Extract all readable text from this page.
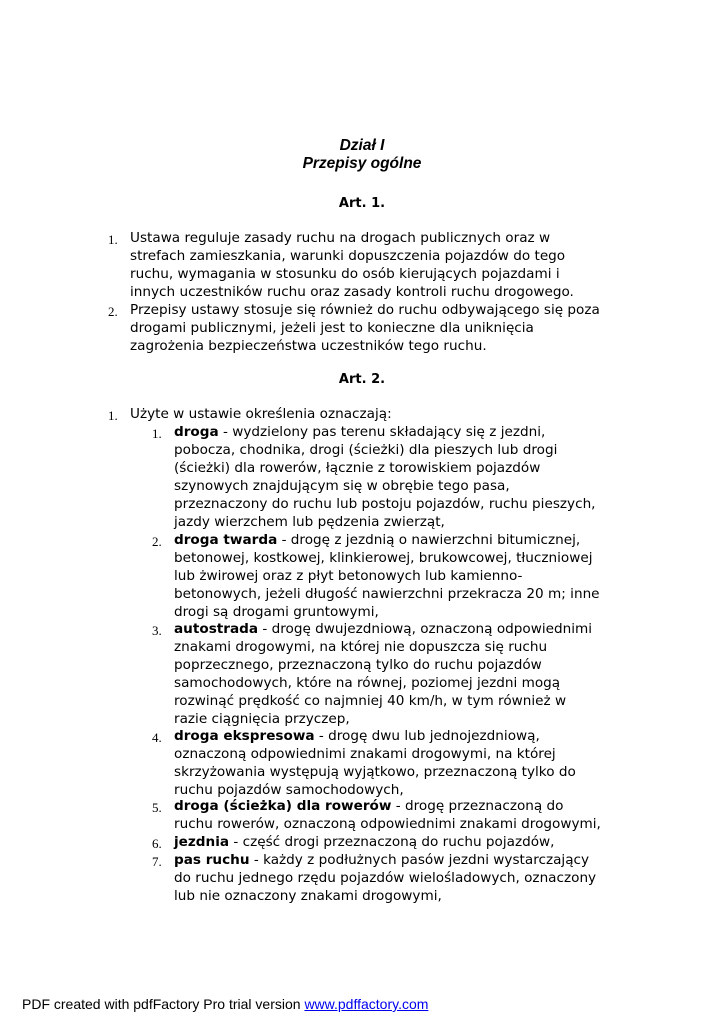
Dział I
Przepisy ogólne
Art. 1.
1. Ustawa reguluje zasady ruchu na drogach publicznych oraz w
strefach zamieszkania, warunki dopuszczenia pojazdów do tego
ruchu, wymagania w stosunku do osób kierujących pojazdami i
innych uczestników ruchu oraz zasady kontroli ruchu drogowego.
2. Przepisy ustawy stosuje się również do ruchu odbywającego się poza
drogami publicznymi, jeżeli jest to konieczne dla uniknięcia
zagrożenia bezpieczeństwa uczestników tego ruchu.
Art. 2.
1. Użyte w ustawie określenia oznaczają:
1. droga - wydzielony pas terenu składający się z jezdni,
pobocza, chodnika, drogi (ścieżki) dla pieszych lub drogi
(ścieżki) dla rowerów, łącznie z torowiskiem pojazdów
szynowych znajdującym się w obrębie tego pasa,
przeznaczony do ruchu lub postoju pojazdów, ruchu pieszych,
jazdy wierzchem lub pędzenia zwierząt,
2. droga twarda - drogę z jezdnią o nawierzchni bitumicznej,
betonowej, kostkowej, klinkierowej, brukowcowej, tłuczniowej
lub żwirowej oraz z płyt betonowych lub kamienno-
betonowych, jeżeli długość nawierzchni przekracza 20 m; inne
drogi są drogami gruntowymi,
3. autostrada - drogę dwujezdniową, oznaczoną odpowiednimi
znakami drogowymi, na której nie dopuszcza się ruchu
poprzecznego, przeznaczoną tylko do ruchu pojazdów
samochodowych, które na równej, poziomej jezdni mogą
rozwinąć prędkość co najmniej 40 km/h, w tym również w
razie ciągnięcia przyczep,
4. droga ekspresowa - drogę dwu lub jednojezdniową,
oznaczoną odpowiednimi znakami drogowymi, na której
skrzyżowania występują wyjątkowo, przeznaczoną tylko do
ruchu pojazdów samochodowych,
5. droga (ścieżka) dla rowerów - drogę przeznaczoną do
ruchu rowerów, oznaczoną odpowiednimi znakami drogowymi,
6. jezdnia - część drogi przeznaczoną do ruchu pojazdów,
7. pas ruchu - każdy z podłużnych pasów jezdni wystarczający
do ruchu jednego rzędu pojazdów wielośladowych, oznaczony
lub nie oznaczony znakami drogowymi,
PDF created with pdfFactory Pro trial version www.pdffactory.com
